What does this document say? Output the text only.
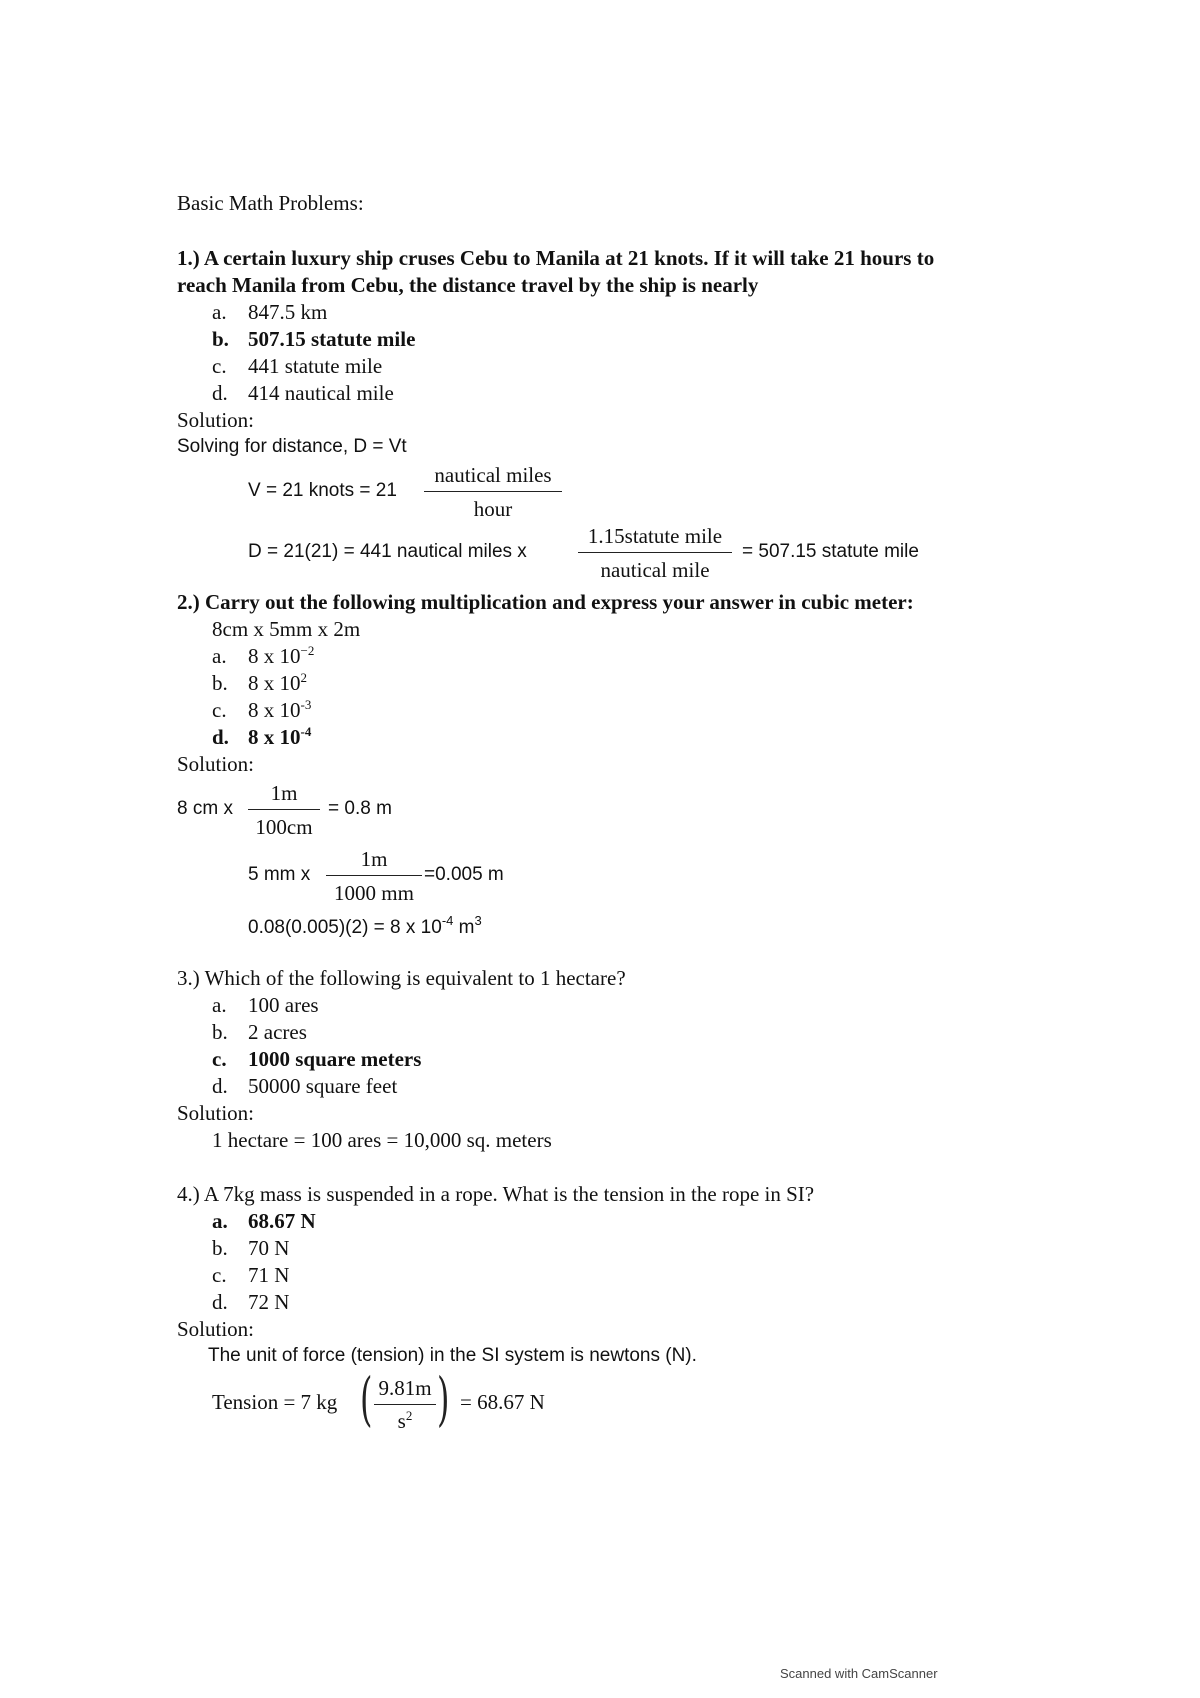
Basic Math Problems:
1.) A certain luxury ship cruses Cebu to Manila at 21 knots. If it will take 21 hours to
reach Manila from Cebu, the distance travel by the ship is nearly
a. 847.5 km
b. 507.15 statute mile
c. 441 statute mile
d. 414 nautical mile
Solution:
Solving for distance, D = Vt
V = 21 knots = 21
nautical miles
hour
D = 21(21) = 441 nautical miles x
1.15statute mile
nautical mile
= 507.15 statute mile
2.) Carry out the following multiplication and express your answer in cubic meter:
8cm x 5mm x 2m
a. 8 x $10^{-2}$
b. 8 x $10^2$
c. 8 x $10^{-3}$
d. 8 x $10^{-4}$
Solution:
8 cm x
1m
100cm
= 0.8 m
5 mm x
1m
1000 mm
=0.005 m
0.08(0.005)(2) = 8 x $10^{-4}$ $m^3$
3.) Which of the following is equivalent to 1 hectare?
a. 100 ares
b. 2 acres
c. 1000 square meters
d. 50000 square feet
Solution:
1 hectare = 100 ares = 10,000 sq. meters
4.) A 7kg mass is suspended in a rope. What is the tension in the rope in SI?
a. 68.67 N
b. 70 N
c. 71 N
d. 72 N
Solution:
The unit of force (tension) in the SI system is newtons (N).
Tension = 7 kg ( 9.81m
$s^2$ ) = 68.67 N
Scanned with CamScanner
